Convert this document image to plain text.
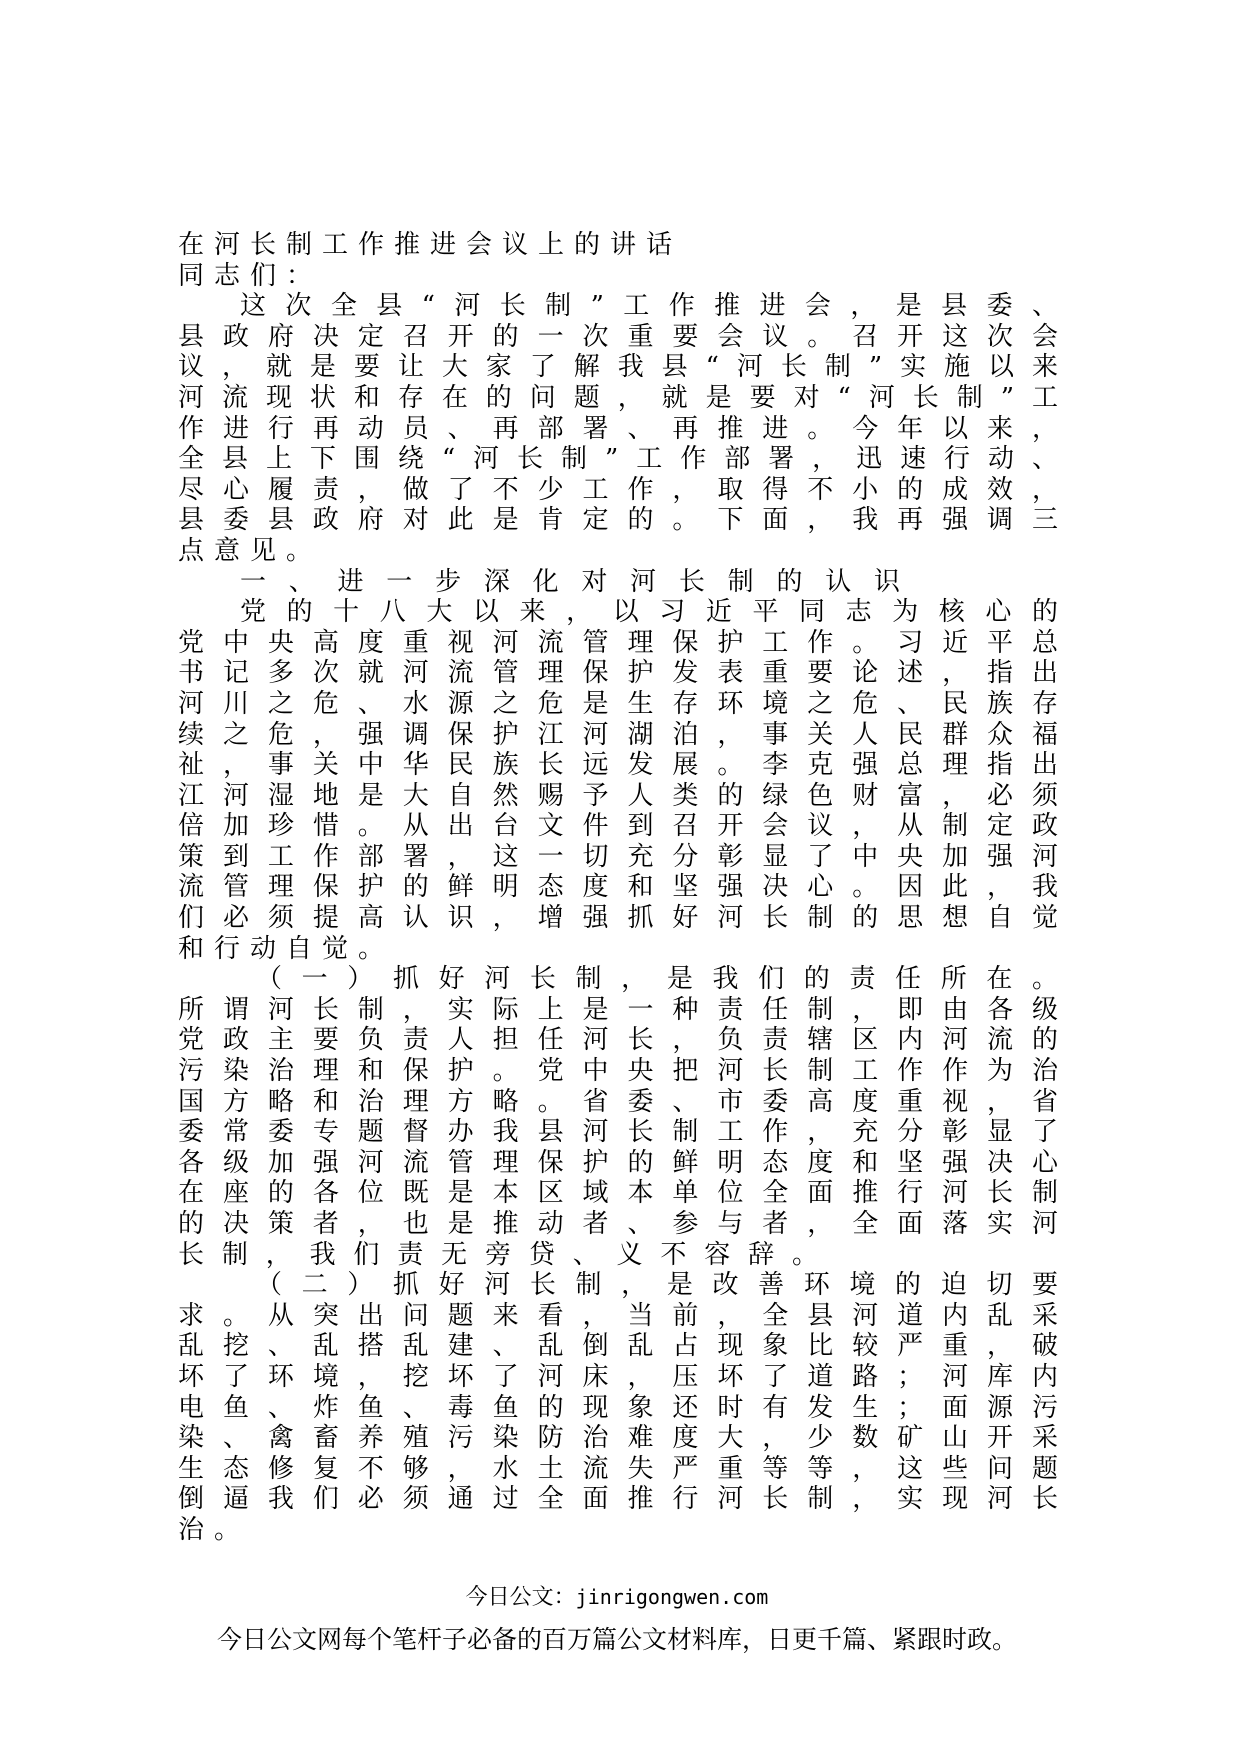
在河长制工作推进会议上的讲话
同志们：
这次全县“河长制”工作推进会，是县委、
县政府决定召开的一次重要会议。召开这次会
议，就是要让大家了解我县“河长制”实施以来
河流现状和存在的问题，就是要对“河长制”工
作进行再动员、再部署、再推进。今年以来，
全县上下围绕“河长制”工作部署，迅速行动、
尽心履责，做了不少工作，取得不小的成效，
县委县政府对此是肯定的。下面，我再强调三
点意见。
一、进一步深化对河长制的认识
党的十八大以来，以习近平同志为核心的
党中央高度重视河流管理保护工作。习近平总
书记多次就河流管理保护发表重要论述，指出
河川之危、水源之危是生存环境之危、民族存
续之危，强调保护江河湖泊，事关人民群众福
祉，事关中华民族长远发展。李克强总理指出
江河湿地是大自然赐予人类的绿色财富，必须
倍加珍惜。从出台文件到召开会议，从制定政
策到工作部署，这一切充分彰显了中央加强河
流管理保护的鲜明态度和坚强决心。因此，我
们必须提高认识，增强抓好河长制的思想自觉
和行动自觉。
（一）抓好河长制，是我们的责任所在。
所谓河长制，实际上是一种责任制，即由各级
党政主要负责人担任河长，负责辖区内河流的
污染治理和保护。党中央把河长制工作作为治
国方略和治理方略。省委、市委高度重视，省
委常委专题督办我县河长制工作，充分彰显了
各级加强河流管理保护的鲜明态度和坚强决心
在座的各位既是本区域本单位全面推行河长制
的决策者，也是推动者、参与者，全面落实河
长制，我们责无旁贷、义不容辞。
（二）抓好河长制，是改善环境的迫切要
求。从突出问题来看，当前，全县河道内乱采
乱挖、乱搭乱建、乱倒乱占现象比较严重，破
坏了环境，挖坏了河床，压坏了道路；河库内
电鱼、炸鱼、毒鱼的现象还时有发生；面源污
染、禽畜养殖污染防治难度大，少数矿山开采
生态修复不够，水土流失严重等等，这些问题
倒逼我们必须通过全面推行河长制，实现河长
治。
今日公文：jinrigongwen.com
今日公文网每个笔杆子必备的百万篇公文材料库，日更千篇、紧跟时政。
